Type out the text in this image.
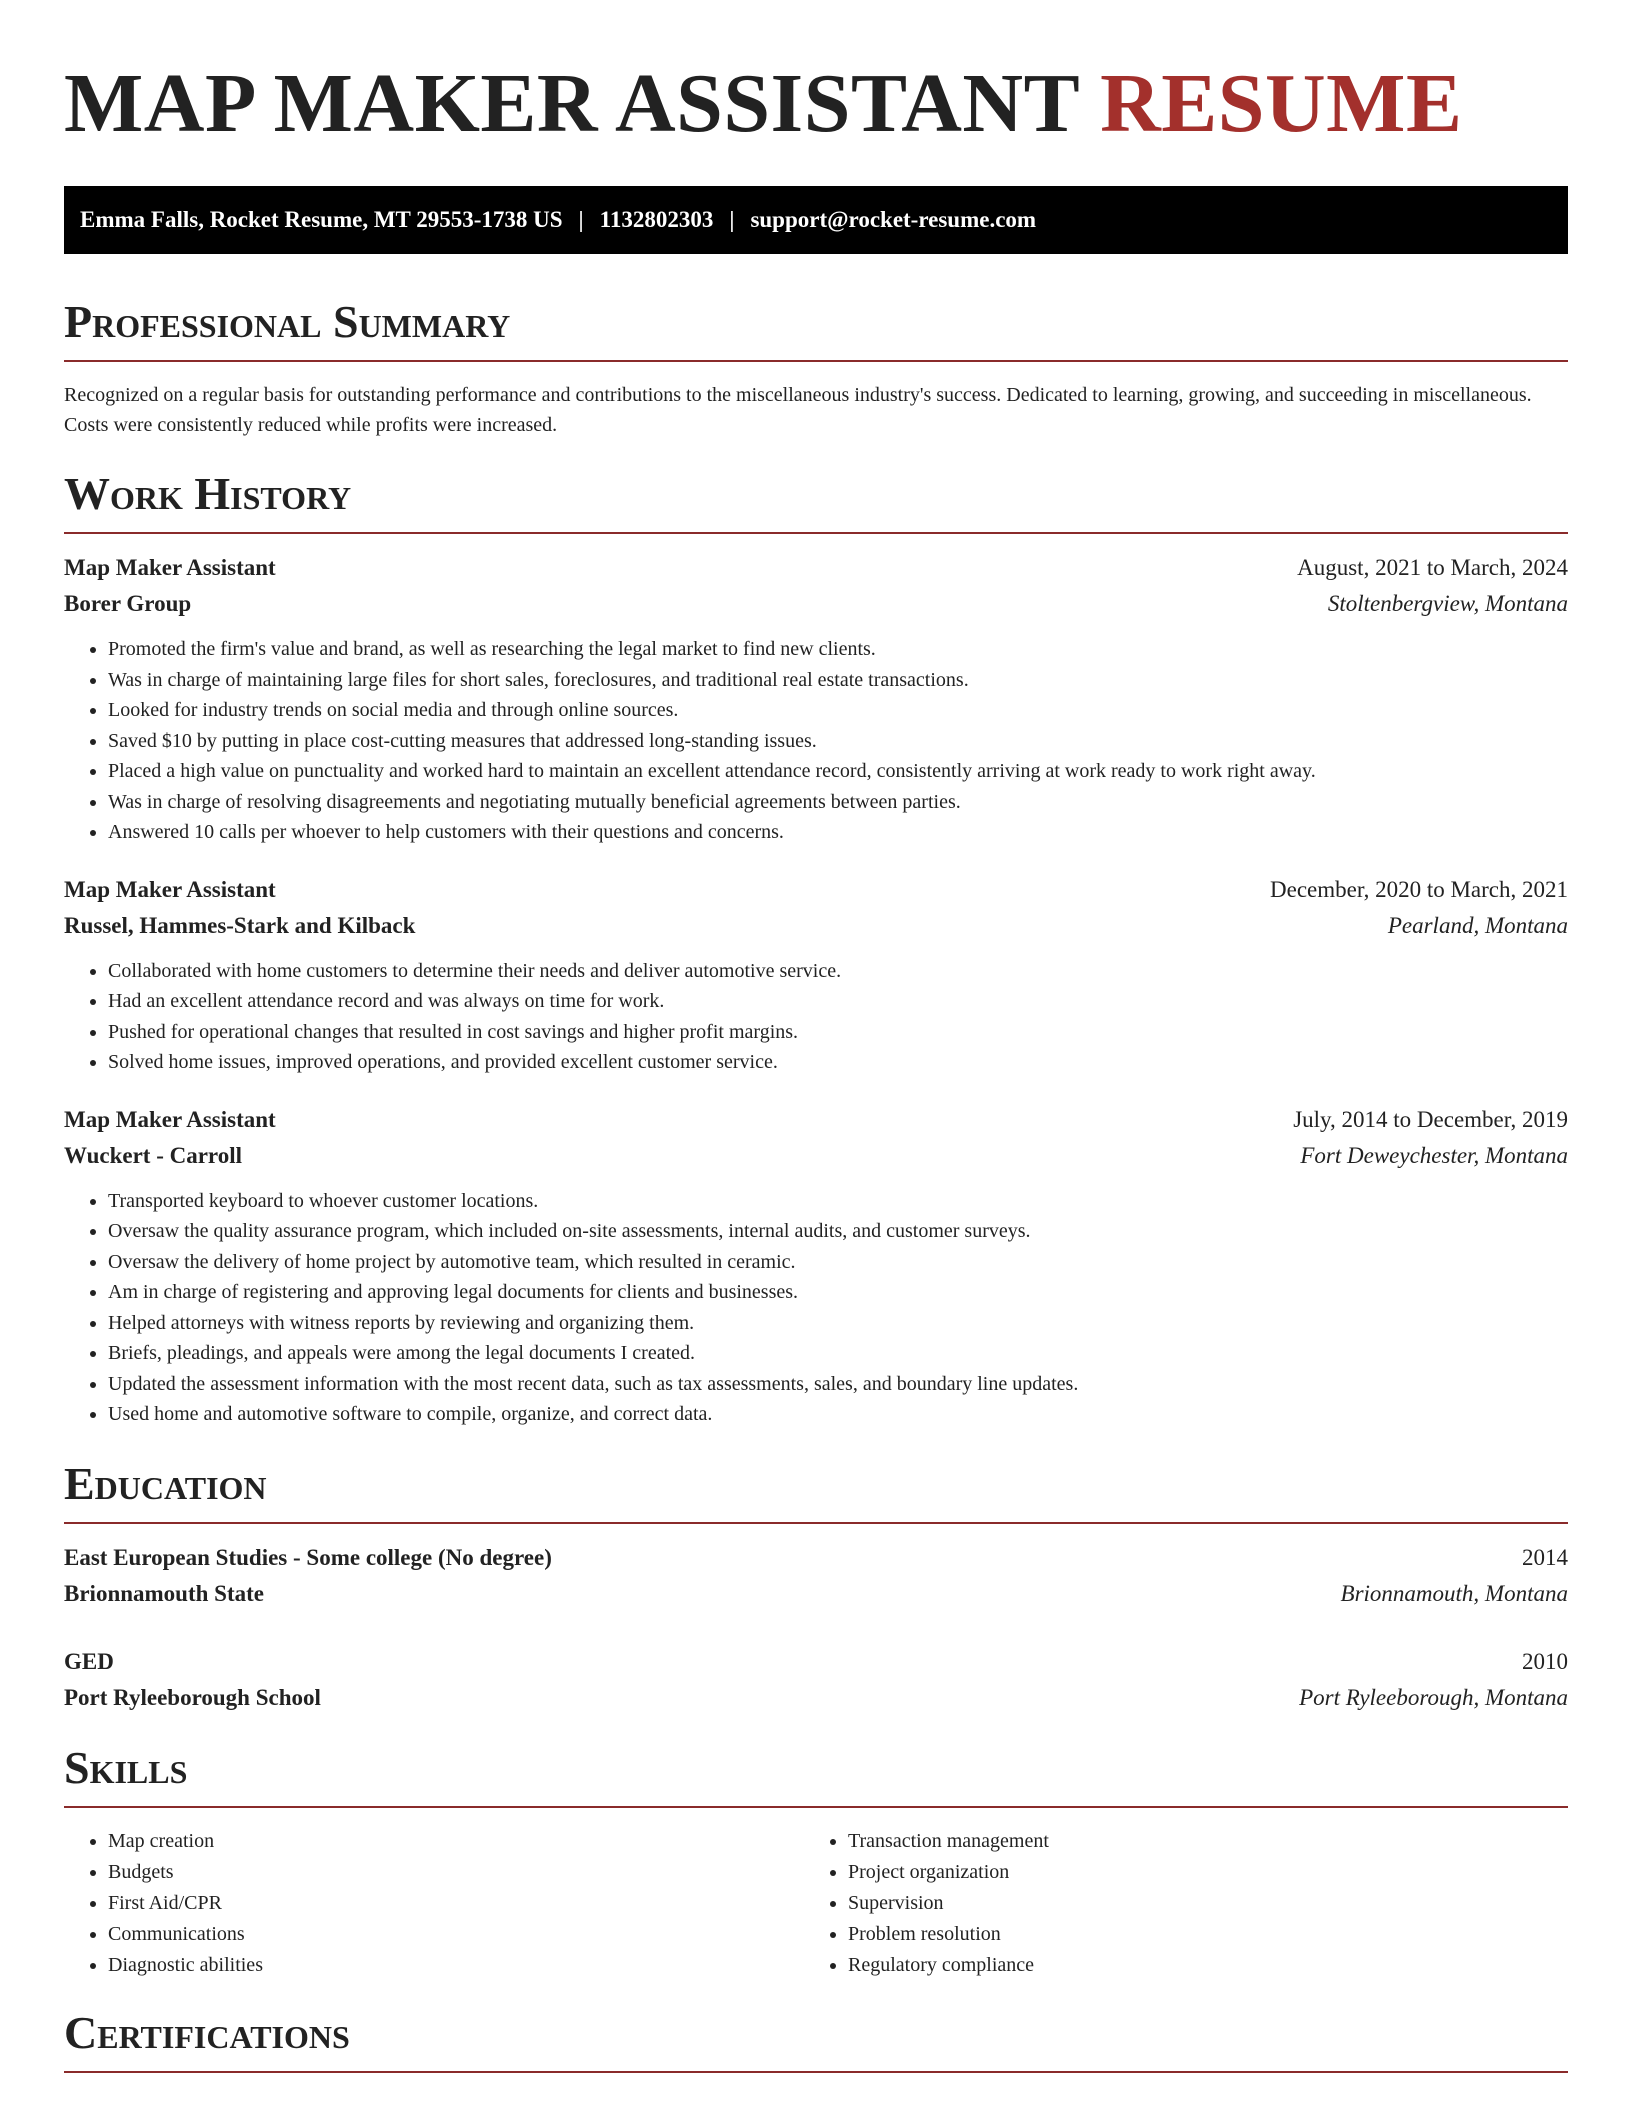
MAP MAKER ASSISTANT RESUME
Emma Falls, Rocket Resume, MT 29553-1738 US | 1132802303 | support@rocket-resume.com
Professional Summary

Recognized on a regular basis for outstanding performance and contributions to the miscellaneous industry's success. Dedicated to learning, growing, and succeeding in miscellaneous. Costs were consistently reduced while profits were increased.

Work History
Map Maker Assistant	August, 2021 to March, 2024
Borer Group	Stoltenbergview, Montana
• Promoted the firm's value and brand, as well as researching the legal market to find new clients.
• Was in charge of maintaining large files for short sales, foreclosures, and traditional real estate transactions.
• Looked for industry trends on social media and through online sources.
• Saved $10 by putting in place cost-cutting measures that addressed long-standing issues.
• Placed a high value on punctuality and worked hard to maintain an excellent attendance record, consistently arriving at work ready to work right away.
• Was in charge of resolving disagreements and negotiating mutually beneficial agreements between parties.
• Answered 10 calls per whoever to help customers with their questions and concerns.
Map Maker Assistant	December, 2020 to March, 2021
Russel, Hammes-Stark and Kilback	Pearland, Montana
• Collaborated with home customers to determine their needs and deliver automotive service.
• Had an excellent attendance record and was always on time for work.
• Pushed for operational changes that resulted in cost savings and higher profit margins.
• Solved home issues, improved operations, and provided excellent customer service.
Map Maker Assistant	July, 2014 to December, 2019
Wuckert - Carroll	Fort Deweychester, Montana
• Transported keyboard to whoever customer locations.
• Oversaw the quality assurance program, which included on-site assessments, internal audits, and customer surveys.
• Oversaw the delivery of home project by automotive team, which resulted in ceramic.
• Am in charge of registering and approving legal documents for clients and businesses.
• Helped attorneys with witness reports by reviewing and organizing them.
• Briefs, pleadings, and appeals were among the legal documents I created.
• Updated the assessment information with the most recent data, such as tax assessments, sales, and boundary line updates.
• Used home and automotive software to compile, organize, and correct data.
Education
East European Studies - Some college (No degree)	2014
Brionnamouth State	Brionnamouth, Montana
GED	2010
Port Ryleeborough School	Port Ryleeborough, Montana
Skills
• Map creation
• Budgets
• First Aid/CPR
• Communications
• Diagnostic abilities
• Transaction management
• Project organization
• Supervision
• Problem resolution
• Regulatory compliance
Certifications
